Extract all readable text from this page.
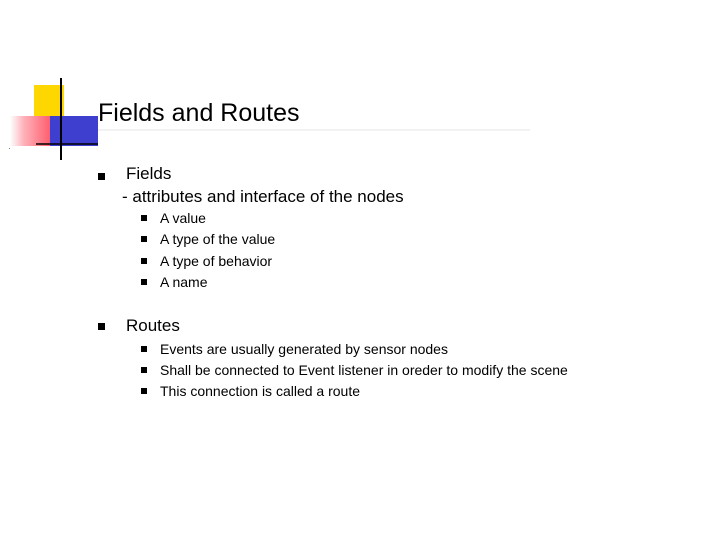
Fields and Routes
Fields
- attributes and interface of the nodes
A value
A type of the value
A type of behavior
A name
Routes
Events are usually generated by sensor nodes
Shall be connected to Event listener in oreder to modify the scene
This connection is called a route
